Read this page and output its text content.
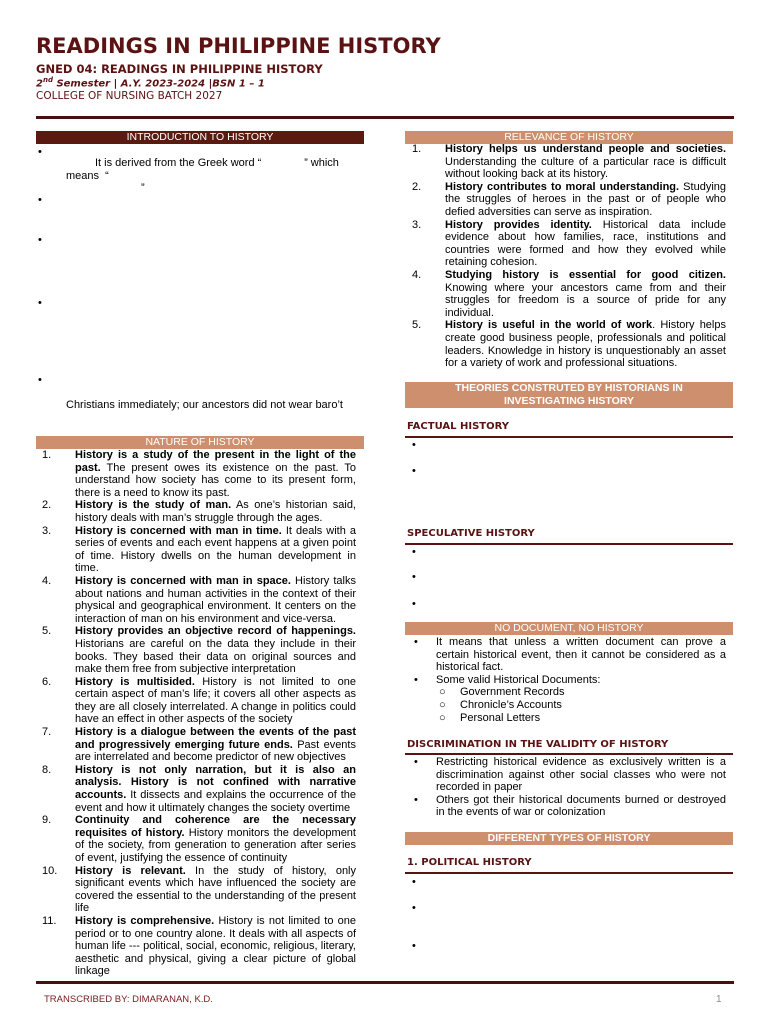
READINGS IN PHILIPPINE HISTORY
GNED 04: READINGS IN PHILIPPINE HISTORY
2nd Semester | A.Y. 2023-2024 |BSN 1 – 1
COLLEGE OF NURSING BATCH 2027
INTRODUCTION TO HISTORY
•
It is derived from the Greek word “              ” which
means  “
”
•
•
•
•
Christians immediately; our ancestors did not wear baro’t
NATURE OF HISTORY
1. History is a study of the present in the light of the past. The present owes its existence on the past. To understand how society has come to its present form, there is a need to know its past.
2. History is the study of man. As one’s historian said, history deals with man’s struggle through the ages.
3. History is concerned with man in time. It deals with a series of events and each event happens at a given point of time. History dwells on the human development in time.
4. History is concerned with man in space. History talks about nations and human activities in the context of their physical and geographical environment. It centers on the interaction of man on his environment and vice-versa.
5. History provides an objective record of happenings. Historians are careful on the data they include in their books. They based their data on original sources and make them free from subjective interpretation
6. History is multisided. History is not limited to one certain aspect of man’s life; it covers all other aspects as they are all closely interrelated. A change in politics could have an effect in other aspects of the society
7. History is a dialogue between the events of the past and progressively emerging future ends. Past events are interrelated and become predictor of new objectives
8. History is not only narration, but it is also an analysis. History is not confined with narrative accounts. It dissects and explains the occurrence of the event and how it ultimately changes the society overtime
9. Continuity and coherence are the necessary requisites of history. History monitors the development of the society, from generation to generation after series of event, justifying the essence of continuity
10. History is relevant. In the study of history, only significant events which have influenced the society are covered the essential to the understanding of the present life
11. History is comprehensive. History is not limited to one period or to one country alone. It deals with all aspects of human life --- political, social, economic, religious, literary, aesthetic and physical, giving a clear picture of global linkage
RELEVANCE OF HISTORY
1. History helps us understand people and societies. Understanding the culture of a particular race is difficult without looking back at its history.
2. History contributes to moral understanding. Studying the struggles of heroes in the past or of people who defied adversities can serve as inspiration.
3. History provides identity. Historical data include evidence about how families, race, institutions and countries were formed and how they evolved while retaining cohesion.
4. Studying history is essential for good citizen. Knowing where your ancestors came from and their struggles for freedom is a source of pride for any individual.
5. History is useful in the world of work. History helps create good business people, professionals and political leaders. Knowledge in history is unquestionably an asset for a variety of work and professional situations.
THEORIES CONSTRUTED BY HISTORIANS IN
INVESTIGATING HISTORY
FACTUAL HISTORY
•
•
SPECULATIVE HISTORY
•
•
•
NO DOCUMENT, NO HISTORY
• It means that unless a written document can prove a certain historical event, then it cannot be considered as a historical fact.
• Some valid Historical Documents:
○ Government Records
○ Chronicle’s Accounts
○ Personal Letters
DISCRIMINATION IN THE VALIDITY OF HISTORY
• Restricting historical evidence as exclusively written is a discrimination against other social classes who were not recorded in paper
• Others got their historical documents burned or destroyed in the events of war or colonization
DIFFERENT TYPES OF HISTORY
1. POLITICAL HISTORY
•
•
•
TRANSCRIBED BY: DIMARANAN, K.D.	1
